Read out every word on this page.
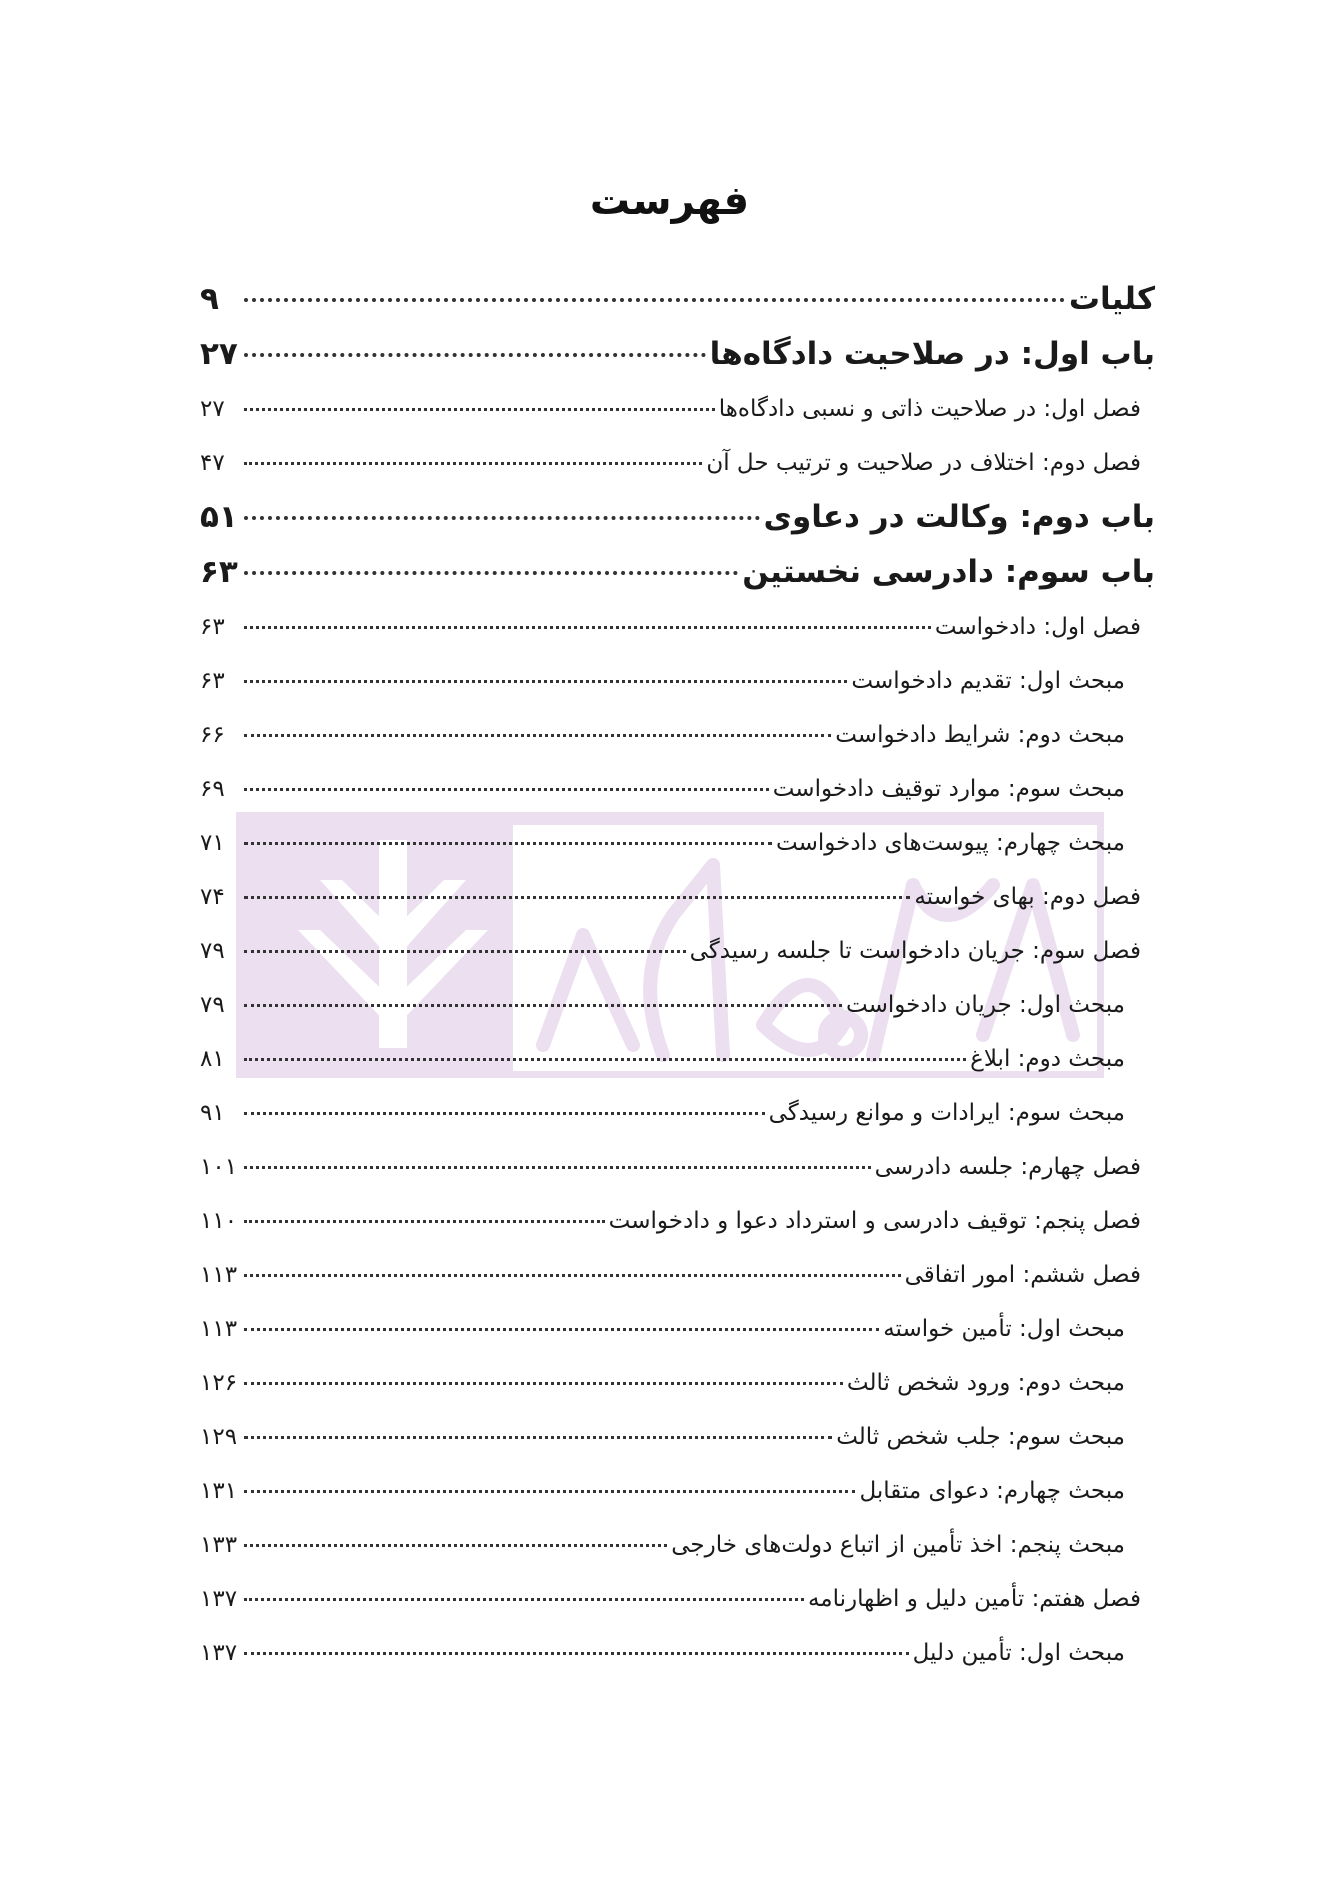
فهرست
کلیات
۹
باب اول: در صلاحیت دادگاه‌ها
۲۷
فصل اول: در صلاحیت ذاتی و نسبی دادگاه‌ها
۲۷
فصل دوم: اختلاف در صلاحیت و ترتیب حل آن
۴۷
باب دوم: وکالت در دعاوی
۵۱
باب سوم: دادرسی نخستین
۶۳
فصل اول: دادخواست
۶۳
مبحث اول: تقدیم دادخواست
۶۳
مبحث دوم: شرایط دادخواست
۶۶
مبحث سوم: موارد توقیف دادخواست
۶۹
مبحث چهارم: پیوست‌های دادخواست
۷۱
فصل دوم: بهای خواسته
۷۴
فصل سوم: جریان دادخواست تا جلسه رسیدگی
۷۹
مبحث اول: جریان دادخواست
۷۹
مبحث دوم: ابلاغ
۸۱
مبحث سوم: ایرادات و موانع رسیدگی
۹۱
فصل چهارم: جلسه دادرسی
۱۰۱
فصل پنجم: توقیف دادرسی و استرداد دعوا و دادخواست
۱۱۰
فصل ششم: امور اتفاقی
۱۱۳
مبحث اول: تأمین خواسته
۱۱۳
مبحث دوم: ورود شخص ثالث
۱۲۶
مبحث سوم: جلب شخص ثالث
۱۲۹
مبحث چهارم: دعوای متقابل
۱۳۱
مبحث پنجم: اخذ تأمین از اتباع دولت‌های خارجی
۱۳۳
فصل هفتم: تأمین دلیل و اظهارنامه
۱۳۷
مبحث اول: تأمین دلیل
۱۳۷
